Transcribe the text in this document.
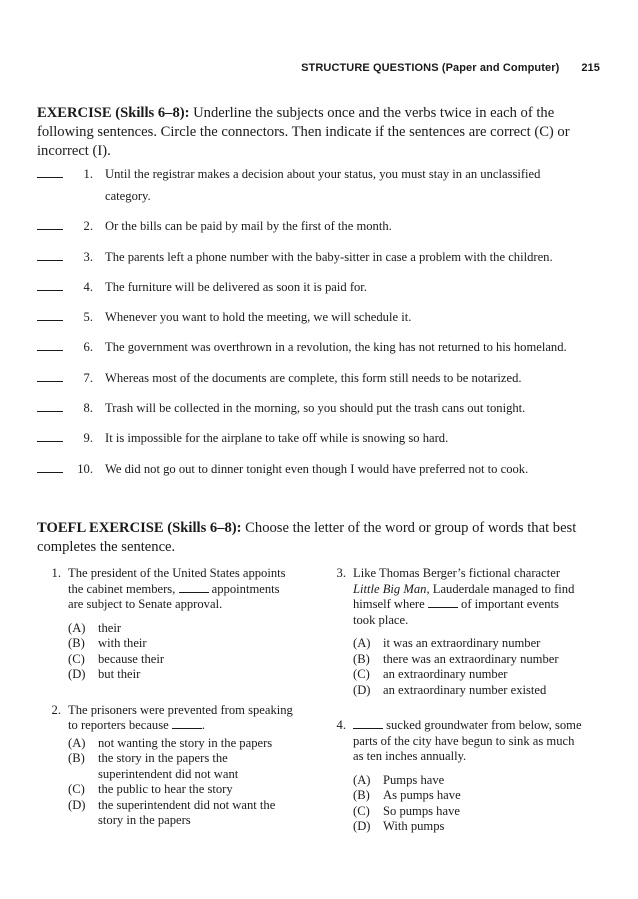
STRUCTURE QUESTIONS (Paper and Computer) 215
EXERCISE (Skills 6–8): Underline the subjects once and the verbs twice in each of the following sentences. Circle the connectors. Then indicate if the sentences are correct (C) or incorrect (I).
1. Until the registrar makes a decision about your status, you must stay in an unclassified category.
2. Or the bills can be paid by mail by the first of the month.
3. The parents left a phone number with the baby-sitter in case a problem with the children.
4. The furniture will be delivered as soon it is paid for.
5. Whenever you want to hold the meeting, we will schedule it.
6. The government was overthrown in a revolution, the king has not returned to his homeland.
7. Whereas most of the documents are complete, this form still needs to be notarized.
8. Trash will be collected in the morning, so you should put the trash cans out tonight.
9. It is impossible for the airplane to take off while is snowing so hard.
10. We did not go out to dinner tonight even though I would have preferred not to cook.
TOEFL EXERCISE (Skills 6–8): Choose the letter of the word or group of words that best completes the sentence.
1. The president of the United States appoints the cabinet members,	appointments are subject to Senate approval.
(A) their
(B)	with their
(C)	because their
(D) but their
2. The prisoners were prevented from speaking to reporters because	.
(A) not wanting the story in the papers
(B)	the story in the papers the superintendent did not want
(C)	the public to hear the story
(D) the superintendent did not want the story in the papers
3. Like Thomas Berger’s fictional character Little Big Man, Lauderdale managed to find himself where	of important events took place.
(A) it was an extraordinary number
(B)	there was an extraordinary number
(C)	an extraordinary number
(D) an extraordinary number existed
4.	sucked groundwater from below, some parts of the city have begun to sink as much as ten inches annually.
(A) Pumps have
(B)	As pumps have
(C)	So pumps have
(D) With pumps
